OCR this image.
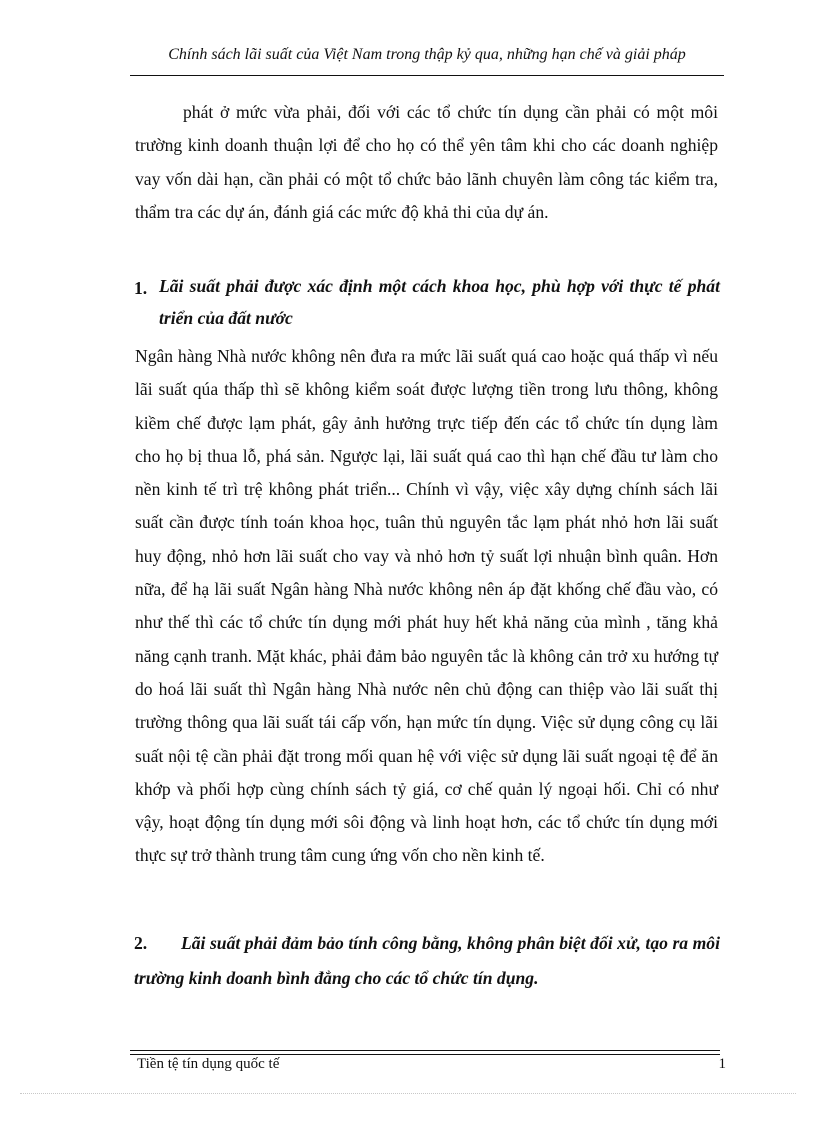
Chính sách lãi suất của Việt Nam trong thập kỷ qua, những hạn chế và giải pháp

phát ở mức vừa phải, đối với các tổ chức tín dụng cần phải có một môi trường kinh doanh thuận lợi để cho họ có thể yên tâm khi cho các doanh nghiệp vay vốn dài hạn, cần phải có một tổ chức bảo lãnh chuyên làm công tác kiểm tra, thẩm tra các dự án, đánh giá các mức độ khả thi của dự án.

1. Lãi suất phải được xác định một cách khoa học, phù hợp với thực tế phát triển của đất nước

Ngân hàng Nhà nước không nên đưa ra mức lãi suất quá cao hoặc quá thấp vì nếu lãi suất qúa thấp thì sẽ không kiểm soát được lượng tiền trong lưu thông, không kiềm chế được lạm phát, gây ảnh hưởng trực tiếp đến các tổ chức tín dụng làm cho họ bị thua lỗ, phá sản. Ngược lại, lãi suất quá cao thì hạn chế đầu tư làm cho nền kinh tế trì trệ không phát triển... Chính vì vậy, việc xây dựng chính sách lãi suất cần được tính toán khoa học, tuân thủ nguyên tắc lạm phát nhỏ hơn lãi suất huy động, nhỏ hơn lãi suất cho vay và nhỏ hơn tỷ suất lợi nhuận bình quân. Hơn nữa, để hạ lãi suất Ngân hàng Nhà nước không nên áp đặt khống chế đầu vào, có như thế thì các tổ chức tín dụng mới phát huy hết khả năng của mình , tăng khả năng cạnh tranh. Mặt khác, phải đảm bảo nguyên tắc là không cản trở xu hướng tự do hoá lãi suất thì Ngân hàng Nhà nước nên chủ động can thiệp vào lãi suất thị trường thông qua lãi suất tái cấp vốn, hạn mức tín dụng. Việc sử dụng công cụ lãi suất nội tệ cần phải đặt trong mối quan hệ với việc sử dụng lãi suất ngoại tệ để ăn khớp và phối hợp cùng chính sách tỷ giá, cơ chế quản lý ngoại hối. Chỉ có như vậy, hoạt động tín dụng mới sôi động và linh hoạt hơn, các tổ chức tín dụng mới thực sự trở thành trung tâm cung ứng vốn cho nền kinh tế.

2. Lãi suất phải đảm bảo tính công bằng, không phân biệt đối xử, tạo ra môi trường kinh doanh bình đẳng cho các tổ chức tín dụng.
Tiền tệ tín dụng quốc tế	1
